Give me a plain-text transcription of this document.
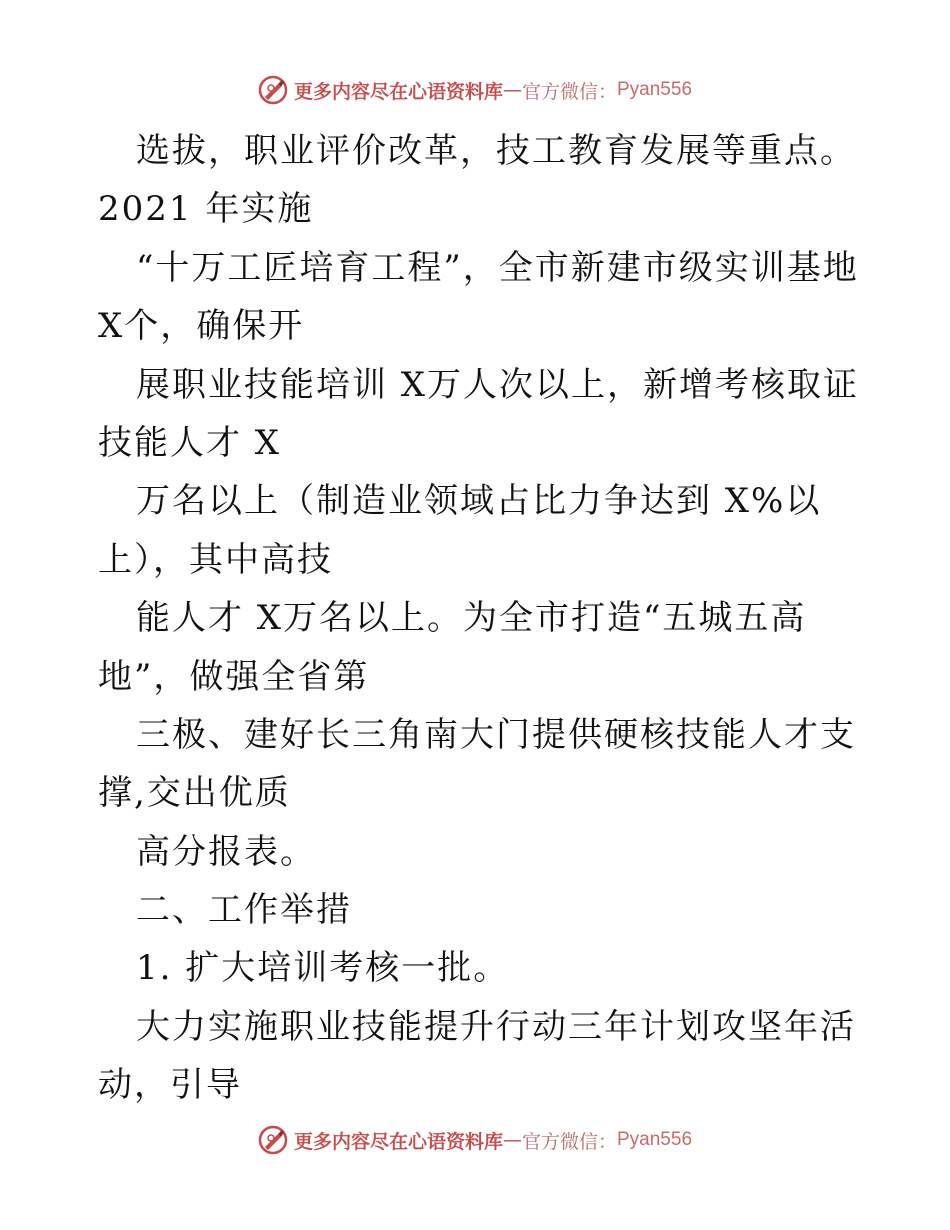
更多内容尽在心语资料库 — 官方微信： Pyan556
选拔，职业评价改革，技工教育发展等重点。
2021 年实施
“十万工匠培育工程”，全市新建市级实训基地
X个，确保开
展职业技能培训 X万人次以上，新增考核取证
技能人才 X
万名以上（制造业领域占比力争达到 X%以
上），其中高技
能人才 X万名以上。为全市打造“五城五高
地”，做强全省第
三极、建好长三角南大门提供硬核技能人才支
撑,交出优质
高分报表。
二、工作举措
1. 扩大培训考核一批。
大力实施职业技能提升行动三年计划攻坚年活
动，引导
更多内容尽在心语资料库 — 官方微信： Pyan556
